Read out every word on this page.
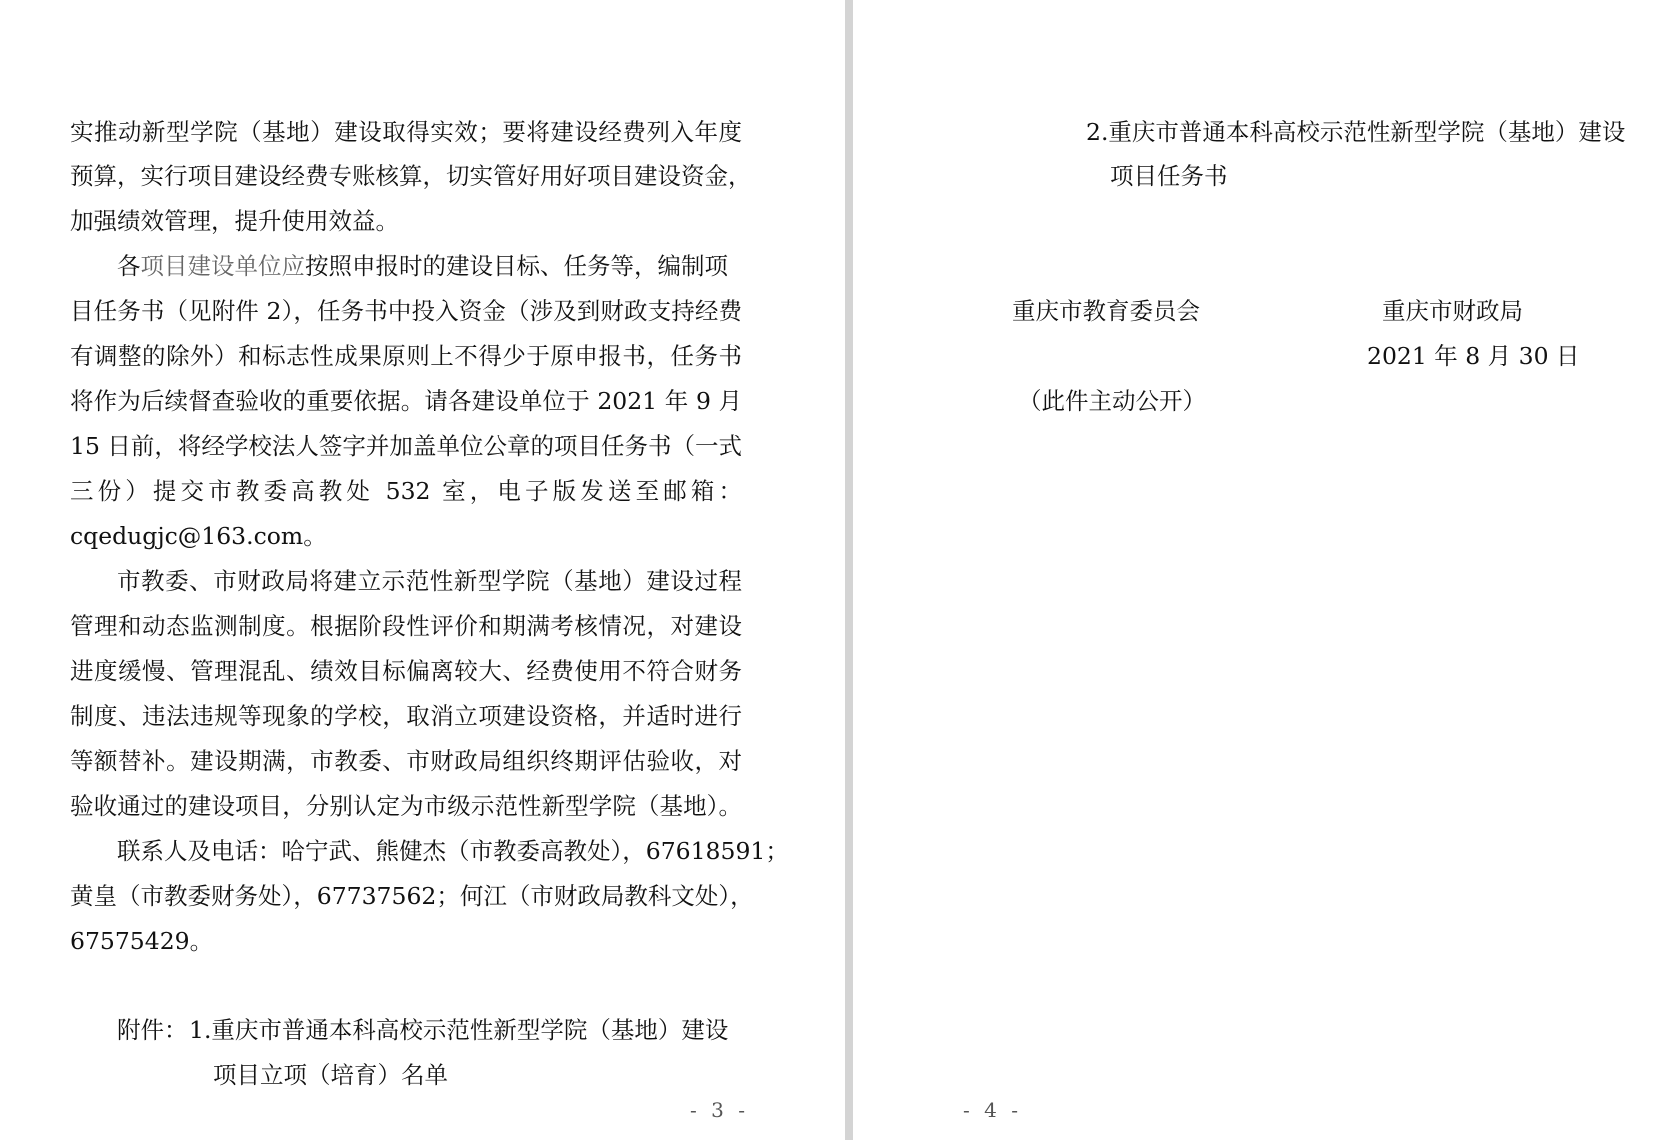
实推动新型学院（基地）建设取得实效；要将建设经费列入年度
预算，实行项目建设经费专账核算，切实管好用好项目建设资金，
加强绩效管理，提升使用效益。
各项目建设单位应按照申报时的建设目标、任务等，编制项
目任务书（见附件 2），任务书中投入资金（涉及到财政支持经费
有调整的除外）和标志性成果原则上不得少于原申报书，任务书
将作为后续督查验收的重要依据。请各建设单位于 2021 年 9 月
15 日前，将经学校法人签字并加盖单位公章的项目任务书（一式
三份）提交市教委高教处 532 室，电子版发送至邮箱：
cqedugjc@163.com。
市教委、市财政局将建立示范性新型学院（基地）建设过程
管理和动态监测制度。根据阶段性评价和期满考核情况，对建设
进度缓慢、管理混乱、绩效目标偏离较大、经费使用不符合财务
制度、违法违规等现象的学校，取消立项建设资格，并适时进行
等额替补。建设期满，市教委、市财政局组织终期评估验收，对
验收通过的建设项目，分别认定为市级示范性新型学院（基地）。
联系人及电话：哈宁武、熊健杰（市教委高教处），67618591；
黄皇（市教委财务处），67737562；何江（市财政局教科文处），
67575429。
附件： 1.重庆市普通本科高校示范性新型学院（基地）建设
项目立项（培育）名单
- 3 -
2.重庆市普通本科高校示范性新型学院（基地）建设
项目任务书
重庆市教育委员会	重庆市财政局
2021 年 8 月 30 日
（此件主动公开）
- 4 -
